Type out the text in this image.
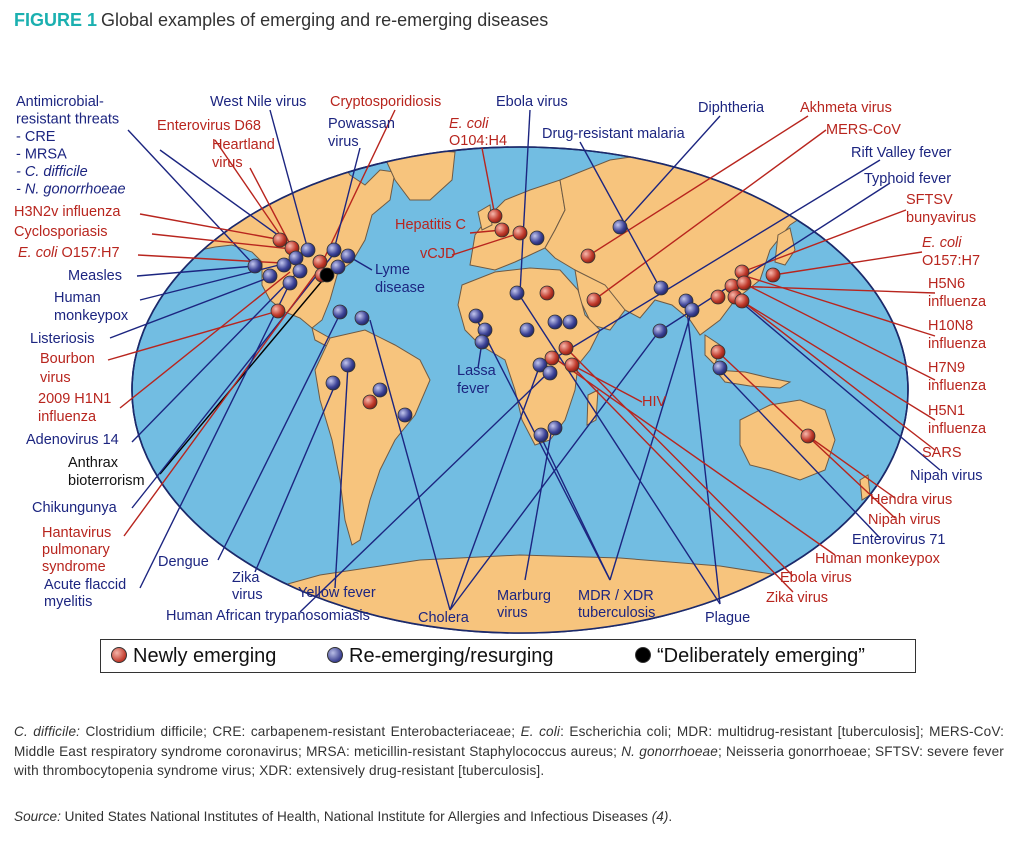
FIGURE 1 Global examples of emerging and re-emerging diseases
Antimicrobial-resistant threats - CRE - MRSA - C. difficile - N. gonorrhoeae
H3N2v influenza
Cyclosporiasis
E. coli O157:H7
Measles
Human monkeypox
Listeriosis
Bourbon virus
2009 H1N1 influenza
Adenovirus 14
Anthrax bioterrorism
Chikungunya
Hantavirus pulmonary syndrome	Dengue
Acute flaccid myelitis
Zika virus Yellow fever
Human African trypanosomiasis	Cholera
Marburg virus
MDR / XDR tuberculosis	Plague
Zika virus
Ebola virus
Human monkeypox
Enterovirus 71
Nipah virus
Hendra virus
Nipah virus
SARS
H5N1 influenza
H7N9 influenza
H10N8 influenza
H5N6 influenza
E. coli O157:H7
SFTSV bunyavirus
Typhoid fever
Rift Valley fever
MERS-CoV
Akhmeta virus
Diphtheria
Drug-resistant malaria
Ebola virus
E. coli O104:H4
Cryptosporidiosis
Powassan virus
West Nile virus
Enterovirus D68
Heartland virus
Hepatitis C
vCJD
Lyme disease
Lassa fever
HIV
Newly emerging	Re-emerging/resurging	“Deliberately emerging”
C. difficile: Clostridium difficile; CRE: carbapenem-resistant Enterobacteriaceae; E. coli: Escherichia coli; MDR: multidrug-resistant [tuberculosis]; MERS-CoV: Middle East respiratory syndrome coronavirus; MRSA: meticillin-resistant Staphylococcus aureus; N. gonorrhoeae; Neisseria gonorrhoeae; SFTSV: severe fever with thrombocytopenia syndrome virus; XDR: extensively drug-resistant [tuberculosis].
Source: United States National Institutes of Health, National Institute for Allergies and Infectious Diseases (4).
